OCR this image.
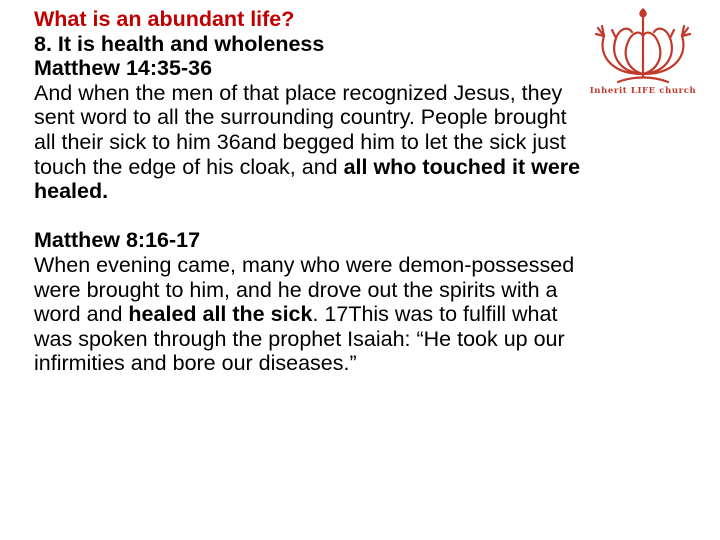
Inherit LIFE church
What is an abundant life?
8. It is health and wholeness
Matthew 14:35-36
And when the men of that place recognized Jesus, they
sent word to all the surrounding country. People brought
all their sick to him 36and begged him to let the sick just
touch the edge of his cloak, and all who touched it were
healed.
Matthew 8:16-17
When evening came, many who were demon-possessed
were brought to him, and he drove out the spirits with a
word and healed all the sick. 17This was to fulfill what
was spoken through the prophet Isaiah: “He took up our
infirmities and bore our diseases.”
